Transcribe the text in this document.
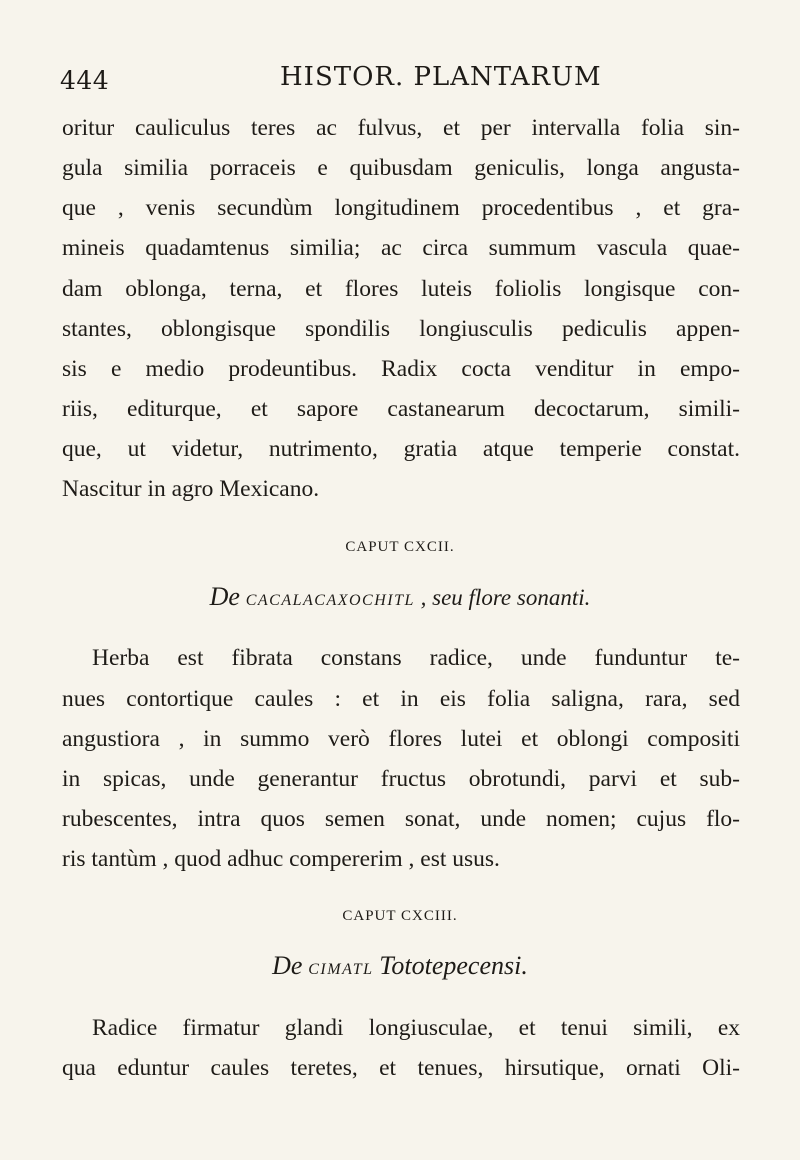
444	HISTOR. PLANTARUM
oritur cauliculus teres ac fulvus, et per intervalla folia sin-
gula similia porraceis e quibusdam geniculis, longa angusta-
que , venis secundùm longitudinem procedentibus , et gra-
mineis quadamtenus similia; ac circa summum vascula quae-
dam oblonga, terna, et flores luteis foliolis longisque con-
stantes, oblongisque spondilis longiusculis pediculis appen-
sis e medio prodeuntibus. Radix cocta venditur in empo-
riis, editurque, et sapore castanearum decoctarum, simili-
que, ut videtur, nutrimento, gratia atque temperie constat.
Nascitur in agro Mexicano.
CAPUT CXCII.
De CACALACAXOCHITL , seu flore sonanti.
Herba est fibrata constans radice, unde funduntur te-
nues contortique caules : et in eis folia saligna, rara, sed
angustiora , in summo verò flores lutei et oblongi compositi
in spicas, unde generantur fructus obrotundi, parvi et sub-
rubescentes, intra quos semen sonat, unde nomen; cujus flo-
ris tantùm , quod adhuc compererim , est usus.
CAPUT CXCIII.
De CIMATL Tototepecensi.
Radice firmatur glandi longiusculae, et tenui simili, ex
qua eduntur caules teretes, et tenues, hirsutique, ornati Oli-
